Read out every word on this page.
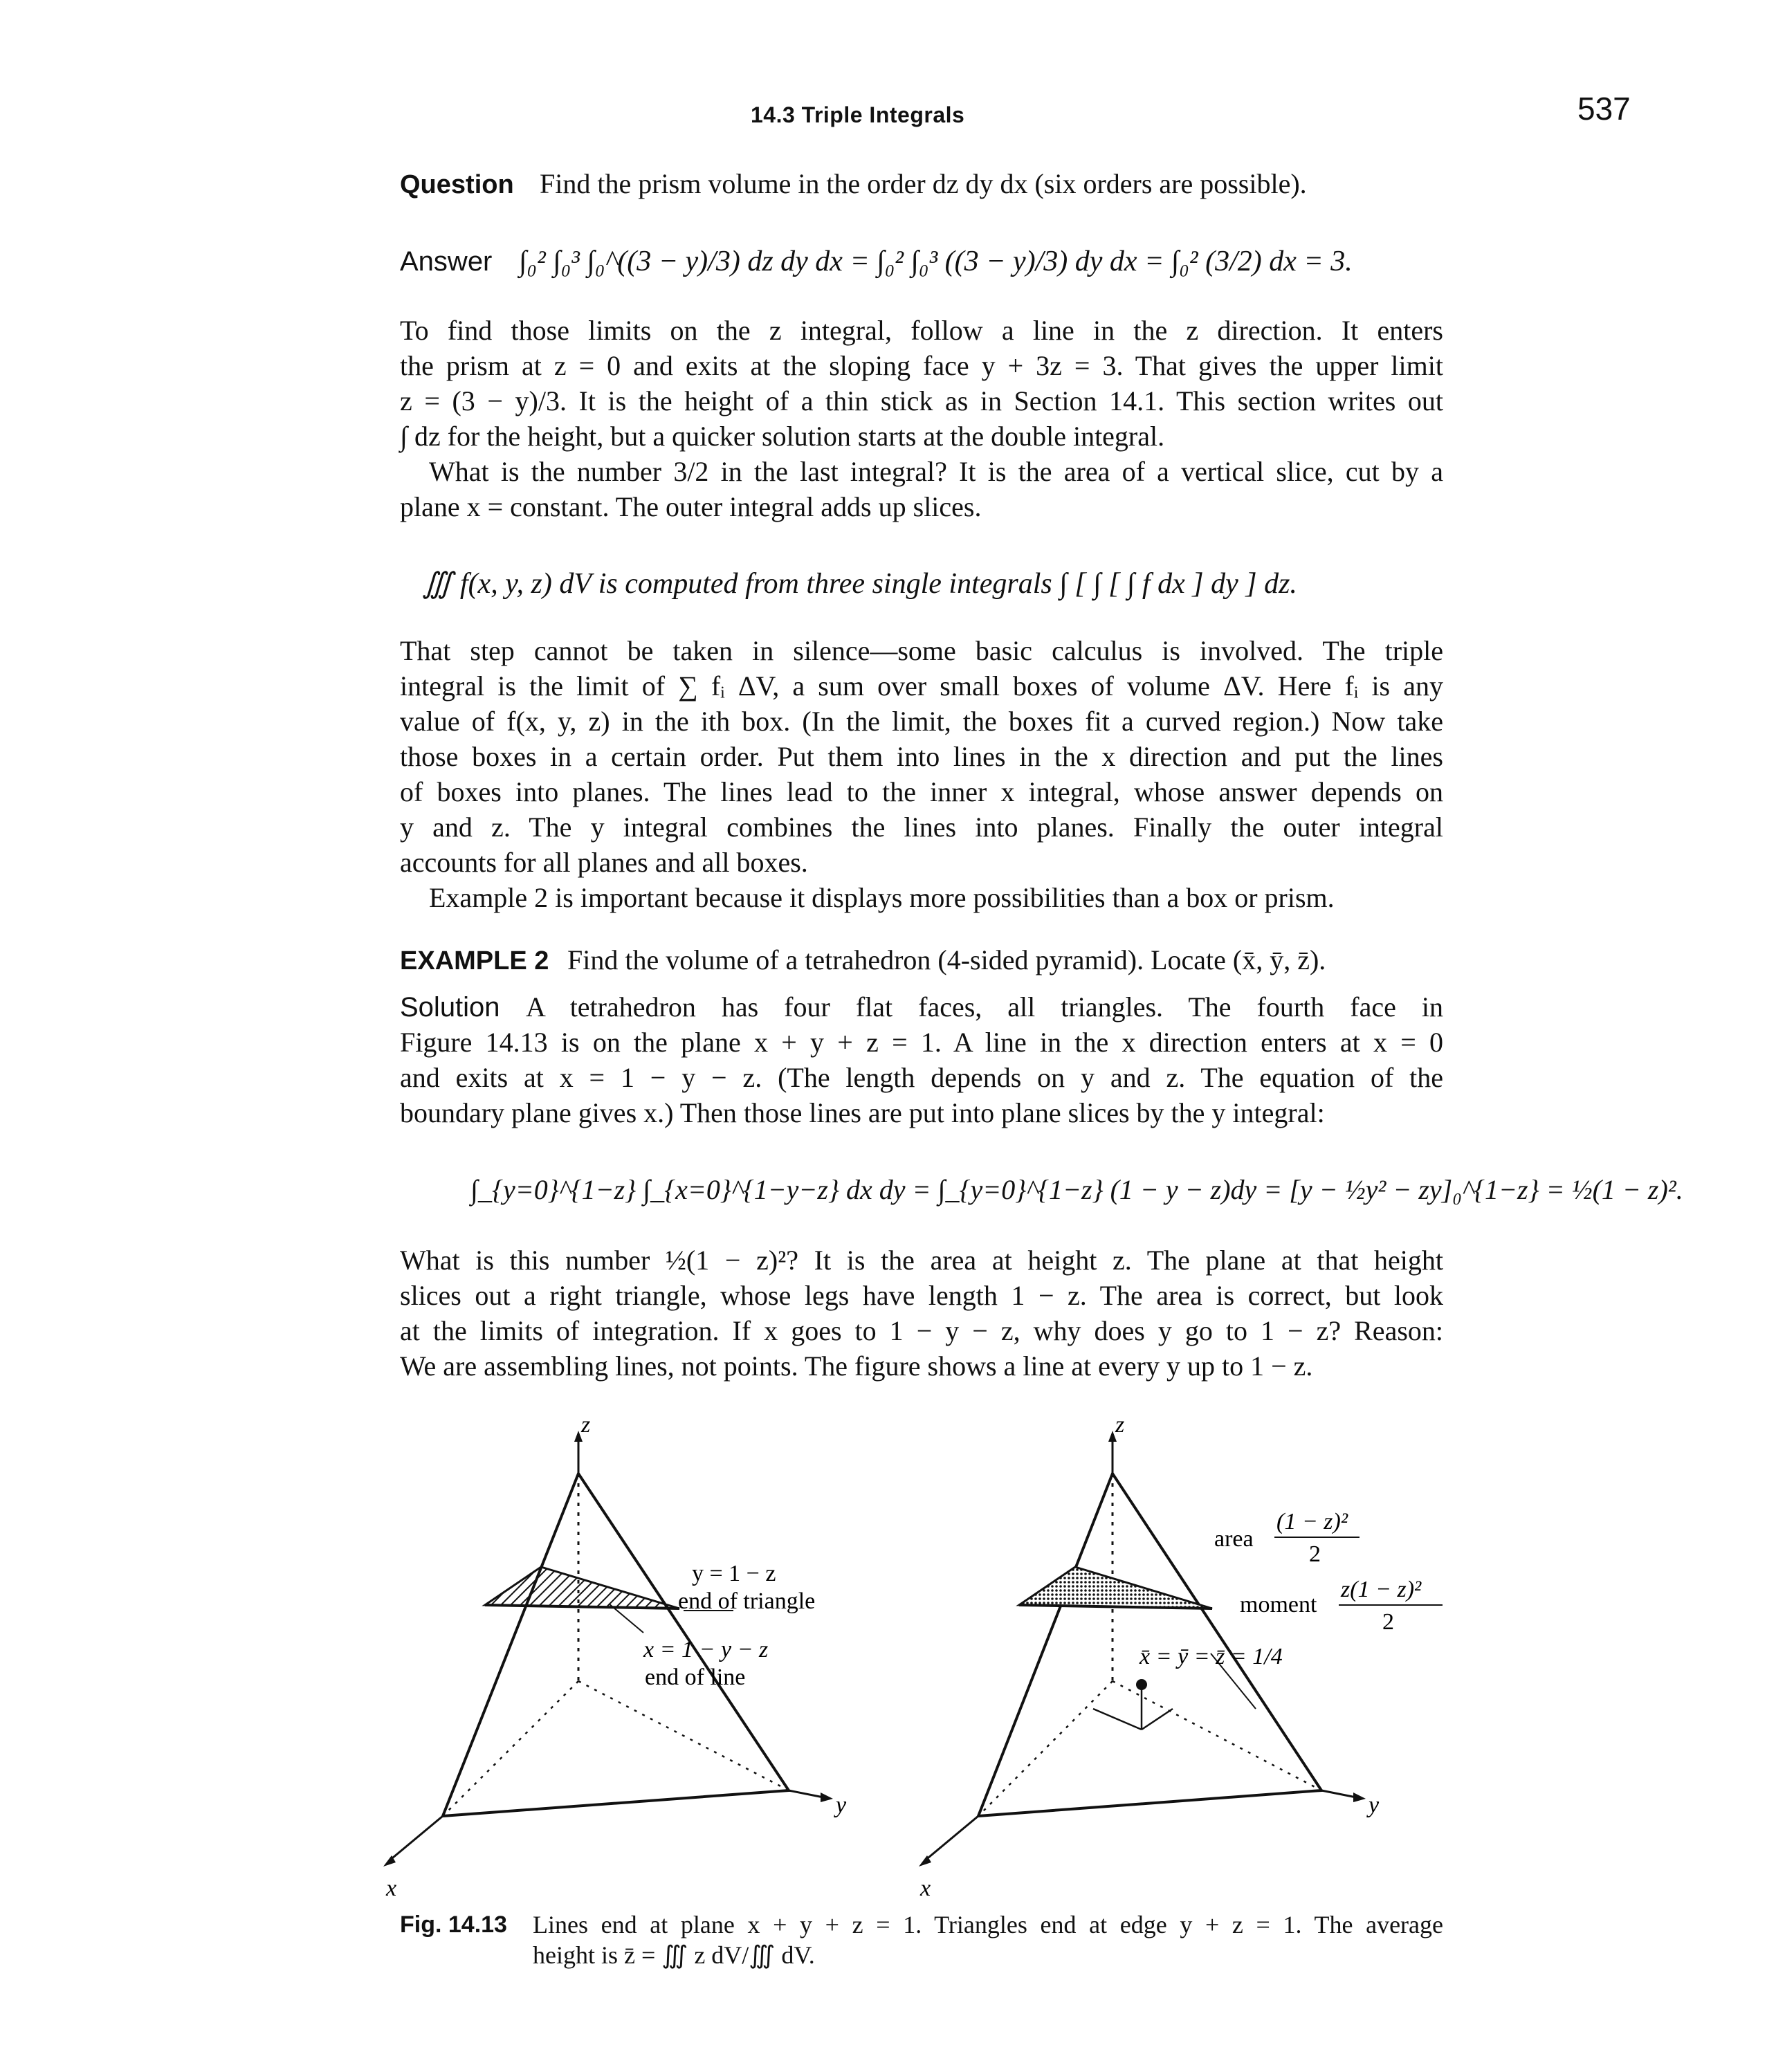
14.3 Triple Integrals	537
Question Find the prism volume in the order dz dy dx (six orders are possible).
Answer ∫₀² ∫₀³ ∫₀^((3 − y)/3) dz dy dx = ∫₀² ∫₀³ ((3 − y)/3) dy dx = ∫₀² (3/2) dx = 3.
To find those limits on the z integral, follow a line in the z direction. It enters
the prism at z = 0 and exits at the sloping face y + 3z = 3. That gives the upper limit
z = (3 − y)/3. It is the height of a thin stick as in Section 14.1. This section writes out
∫ dz for the height, but a quicker solution starts at the double integral.
What is the number 3/2 in the last integral? It is the area of a vertical slice, cut by a
plane x = constant. The outer integral adds up slices.
∭ f(x, y, z) dV is computed from three single integrals ∫ [ ∫ [ ∫ f dx ] dy ] dz.
That step cannot be taken in silence—some basic calculus is involved. The triple
integral is the limit of ∑ fᵢ ΔV, a sum over small boxes of volume ΔV. Here fᵢ is any
value of f(x, y, z) in the ith box. (In the limit, the boxes fit a curved region.) Now take
those boxes in a certain order. Put them into lines in the x direction and put the lines
of boxes into planes. The lines lead to the inner x integral, whose answer depends on
y and z. The y integral combines the lines into planes. Finally the outer integral
accounts for all planes and all boxes.
Example 2 is important because it displays more possibilities than a box or prism.
EXAMPLE 2 Find the volume of a tetrahedron (4-sided pyramid). Locate (x̄, ȳ, z̄).
Solution A tetrahedron has four flat faces, all triangles. The fourth face in
Figure 14.13 is on the plane x + y + z = 1. A line in the x direction enters at x = 0
and exits at x = 1 − y − z. (The length depends on y and z. The equation of the
boundary plane gives x.) Then those lines are put into plane slices by the y integral:
∫_{y=0}^{1−z} ∫_{x=0}^{1−y−z} dx dy = ∫_{y=0}^{1−z} (1 − y − z)dy = [y − ½y² − zy]₀^{1−z} = ½(1 − z)².
What is this number ½(1 − z)²? It is the area at height z. The plane at that height
slices out a right triangle, whose legs have length 1 − z. The area is correct, but look
at the limits of integration. If x goes to 1 − y − z, why does y go to 1 − z? Reason:
We are assembling lines, not points. The figure shows a line at every y up to 1 − z.
z
y
x
y = 1 − z
end of triangle
x = 1 − y − z
end of line
z
y
x
area
(1 − z)²
2
moment
z(1 − z)²
2
x̄ = ȳ = z̄ = 1/4
Fig. 14.13 Lines end at plane x + y + z = 1. Triangles end at edge y + z = 1. The average
height is z̄ = ∭ z dV/∭ dV.
